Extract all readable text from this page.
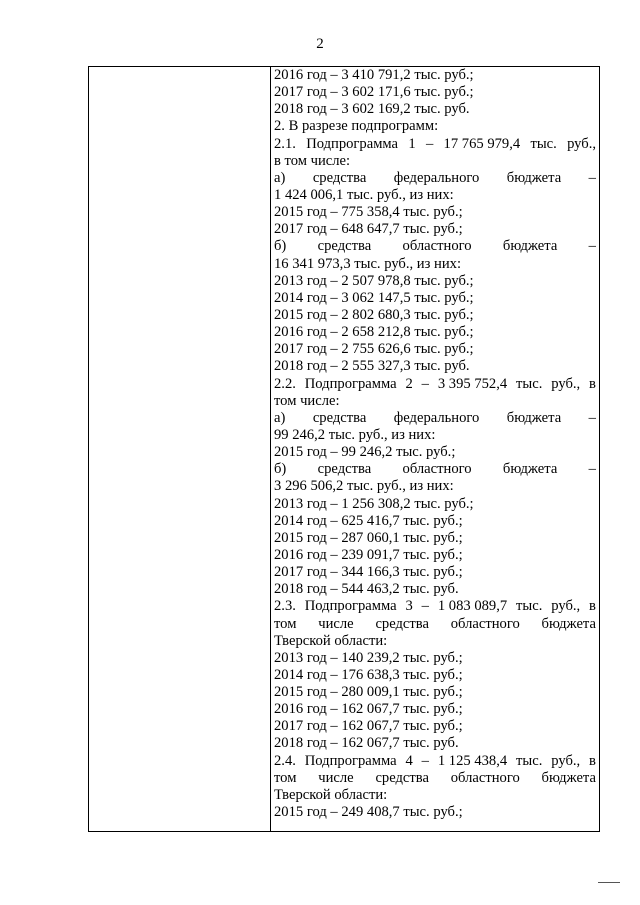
2
2016 год – 3 410 791,2 тыс. руб.;
2017 год – 3 602 171,6 тыс. руб.;
2018 год – 3 602 169,2 тыс. руб.
2. В разрезе подпрограмм:
2.1. Подпрограмма 1 – 17 765 979,4 тыс. руб.,
в том числе:
а) средства федерального бюджета –
1 424 006,1 тыс. руб., из них:
2015 год – 775 358,4 тыс. руб.;
2017 год – 648 647,7 тыс. руб.;
б) средства областного бюджета –
16 341 973,3 тыс. руб., из них:
2013 год – 2 507 978,8 тыс. руб.;
2014 год – 3 062 147,5 тыс. руб.;
2015 год – 2 802 680,3 тыс. руб.;
2016 год – 2 658 212,8 тыс. руб.;
2017 год – 2 755 626,6 тыс. руб.;
2018 год – 2 555 327,3 тыс. руб.
2.2. Подпрограмма 2 – 3 395 752,4 тыс. руб., в
том числе:
а) средства федерального бюджета –
99 246,2 тыс. руб., из них:
2015 год – 99 246,2 тыс. руб.;
б) средства областного бюджета –
3 296 506,2 тыс. руб., из них:
2013 год – 1 256 308,2 тыс. руб.;
2014 год – 625 416,7 тыс. руб.;
2015 год – 287 060,1 тыс. руб.;
2016 год – 239 091,7 тыс. руб.;
2017 год – 344 166,3 тыс. руб.;
2018 год – 544 463,2 тыс. руб.
2.3. Подпрограмма 3 – 1 083 089,7 тыс. руб., в
том числе средства областного бюджета
Тверской области:
2013 год – 140 239,2 тыс. руб.;
2014 год – 176 638,3 тыс. руб.;
2015 год – 280 009,1 тыс. руб.;
2016 год – 162 067,7 тыс. руб.;
2017 год – 162 067,7 тыс. руб.;
2018 год – 162 067,7 тыс. руб.
2.4. Подпрограмма 4 – 1 125 438,4 тыс. руб., в
том числе средства областного бюджета
Тверской области:
2015 год – 249 408,7 тыс. руб.;
